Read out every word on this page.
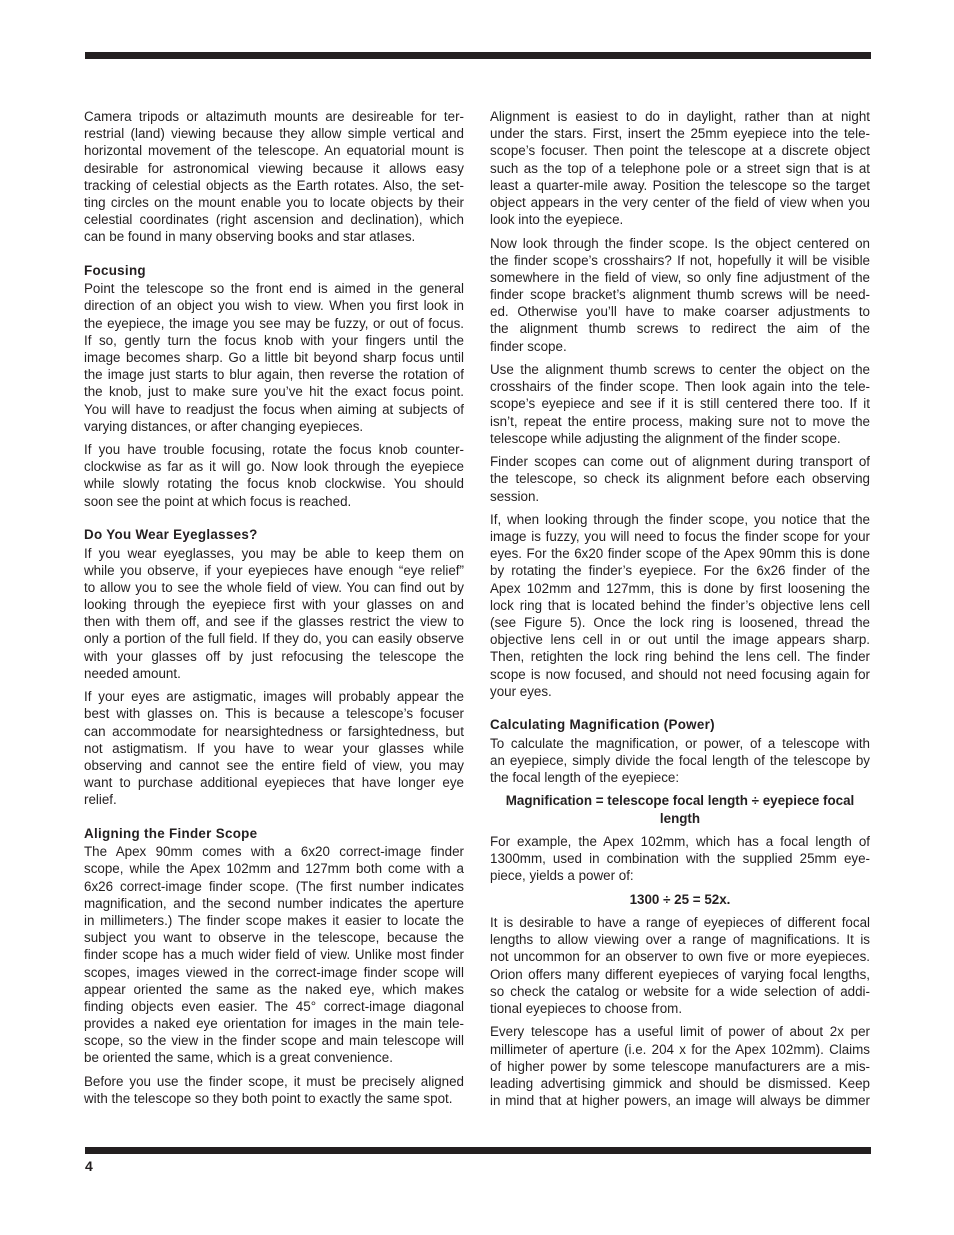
Camera tripods or altazimuth mounts are desireable for ter-
restrial (land) viewing because they allow simple vertical and
horizontal movement of the telescope. An equatorial mount is
desirable for astronomical viewing because it allows easy
tracking of celestial objects as the Earth rotates. Also, the set-
ting circles on the mount enable you to locate objects by their
celestial coordinates (right ascension and declination), which
can be found in many observing books and star atlases.
Focusing
Point the telescope so the front end is aimed in the general
direction of an object you wish to view. When you first look in
the eyepiece, the image you see may be fuzzy, or out of focus.
If so, gently turn the focus knob with your fingers until the
image becomes sharp. Go a little bit beyond sharp focus until
the image just starts to blur again, then reverse the rotation of
the knob, just to make sure you’ve hit the exact focus point.
You will have to readjust the focus when aiming at subjects of
varying distances, or after changing eyepieces.
If you have trouble focusing, rotate the focus knob counter-
clockwise as far as it will go. Now look through the eyepiece
while slowly rotating the focus knob clockwise. You should
soon see the point at which focus is reached.
Do You Wear Eyeglasses?
If you wear eyeglasses, you may be able to keep them on
while you observe, if your eyepieces have enough “eye relief”
to allow you to see the whole field of view. You can find out by
looking through the eyepiece first with your glasses on and
then with them off, and see if the glasses restrict the view to
only a portion of the full field. If they do, you can easily observe
with your glasses off by just refocusing the telescope the
needed amount.
If your eyes are astigmatic, images will probably appear the
best with glasses on. This is because a telescope’s focuser
can accommodate for nearsightedness or farsightedness, but
not astigmatism. If you have to wear your glasses while
observing and cannot see the entire field of view, you may
want to purchase additional eyepieces that have longer eye
relief.
Aligning the Finder Scope
The Apex 90mm comes with a 6x20 correct-image finder
scope, while the Apex 102mm and 127mm both come with a
6x26 correct-image finder scope. (The first number indicates
magnification, and the second number indicates the aperture
in millimeters.) The finder scope makes it easier to locate the
subject you want to observe in the telescope, because the
finder scope has a much wider field of view. Unlike most finder
scopes, images viewed in the correct-image finder scope will
appear oriented the same as the naked eye, which makes
finding objects even easier. The 45° correct-image diagonal
provides a naked eye orientation for images in the main tele-
scope, so the view in the finder scope and main telescope will
be oriented the same, which is a great convenience.
Before you use the finder scope, it must be precisely aligned
with the telescope so they both point to exactly the same spot.
Alignment is easiest to do in daylight, rather than at night
under the stars. First, insert the 25mm eyepiece into the tele-
scope’s focuser. Then point the telescope at a discrete object
such as the top of a telephone pole or a street sign that is at
least a quarter-mile away. Position the telescope so the target
object appears in the very center of the field of view when you
look into the eyepiece.
Now look through the finder scope. Is the object centered on
the finder scope’s crosshairs? If not, hopefully it will be visible
somewhere in the field of view, so only fine adjustment of the
finder scope bracket’s alignment thumb screws will be need-
ed. Otherwise you’ll have to make coarser adjustments to
the alignment thumb screws to redirect the aim of the
finder scope.
Use the alignment thumb screws to center the object on the
crosshairs of the finder scope. Then look again into the tele-
scope’s eyepiece and see if it is still centered there too. If it
isn’t, repeat the entire process, making sure not to move the
telescope while adjusting the alignment of the finder scope.
Finder scopes can come out of alignment during transport of
the telescope, so check its alignment before each observing
session.
If, when looking through the finder scope, you notice that the
image is fuzzy, you will need to focus the finder scope for your
eyes. For the 6x20 finder scope of the Apex 90mm this is done
by rotating the finder’s eyepiece. For the 6x26 finder of the
Apex 102mm and 127mm, this is done by first loosening the
lock ring that is located behind the finder’s objective lens cell
(see Figure 5). Once the lock ring is loosened, thread the
objective lens cell in or out until the image appears sharp.
Then, retighten the lock ring behind the lens cell. The finder
scope is now focused, and should not need focusing again for
your eyes.
Calculating Magnification (Power)
To calculate the magnification, or power, of a telescope with
an eyepiece, simply divide the focal length of the telescope by
the focal length of the eyepiece:
Magnification = telescope focal length ÷ eyepiece focal
length
For example, the Apex 102mm, which has a focal length of
1300mm, used in combination with the supplied 25mm eye-
piece, yields a power of:
1300 ÷ 25 = 52x.
It is desirable to have a range of eyepieces of different focal
lengths to allow viewing over a range of magnifications. It is
not uncommon for an observer to own five or more eyepieces.
Orion offers many different eyepieces of varying focal lengths,
so check the catalog or website for a wide selection of addi-
tional eyepieces to choose from.
Every telescope has a useful limit of power of about 2x per
millimeter of aperture (i.e. 204 x for the Apex 102mm). Claims
of higher power by some telescope manufacturers are a mis-
leading advertising gimmick and should be dismissed. Keep
in mind that at higher powers, an image will always be dimmer
4
